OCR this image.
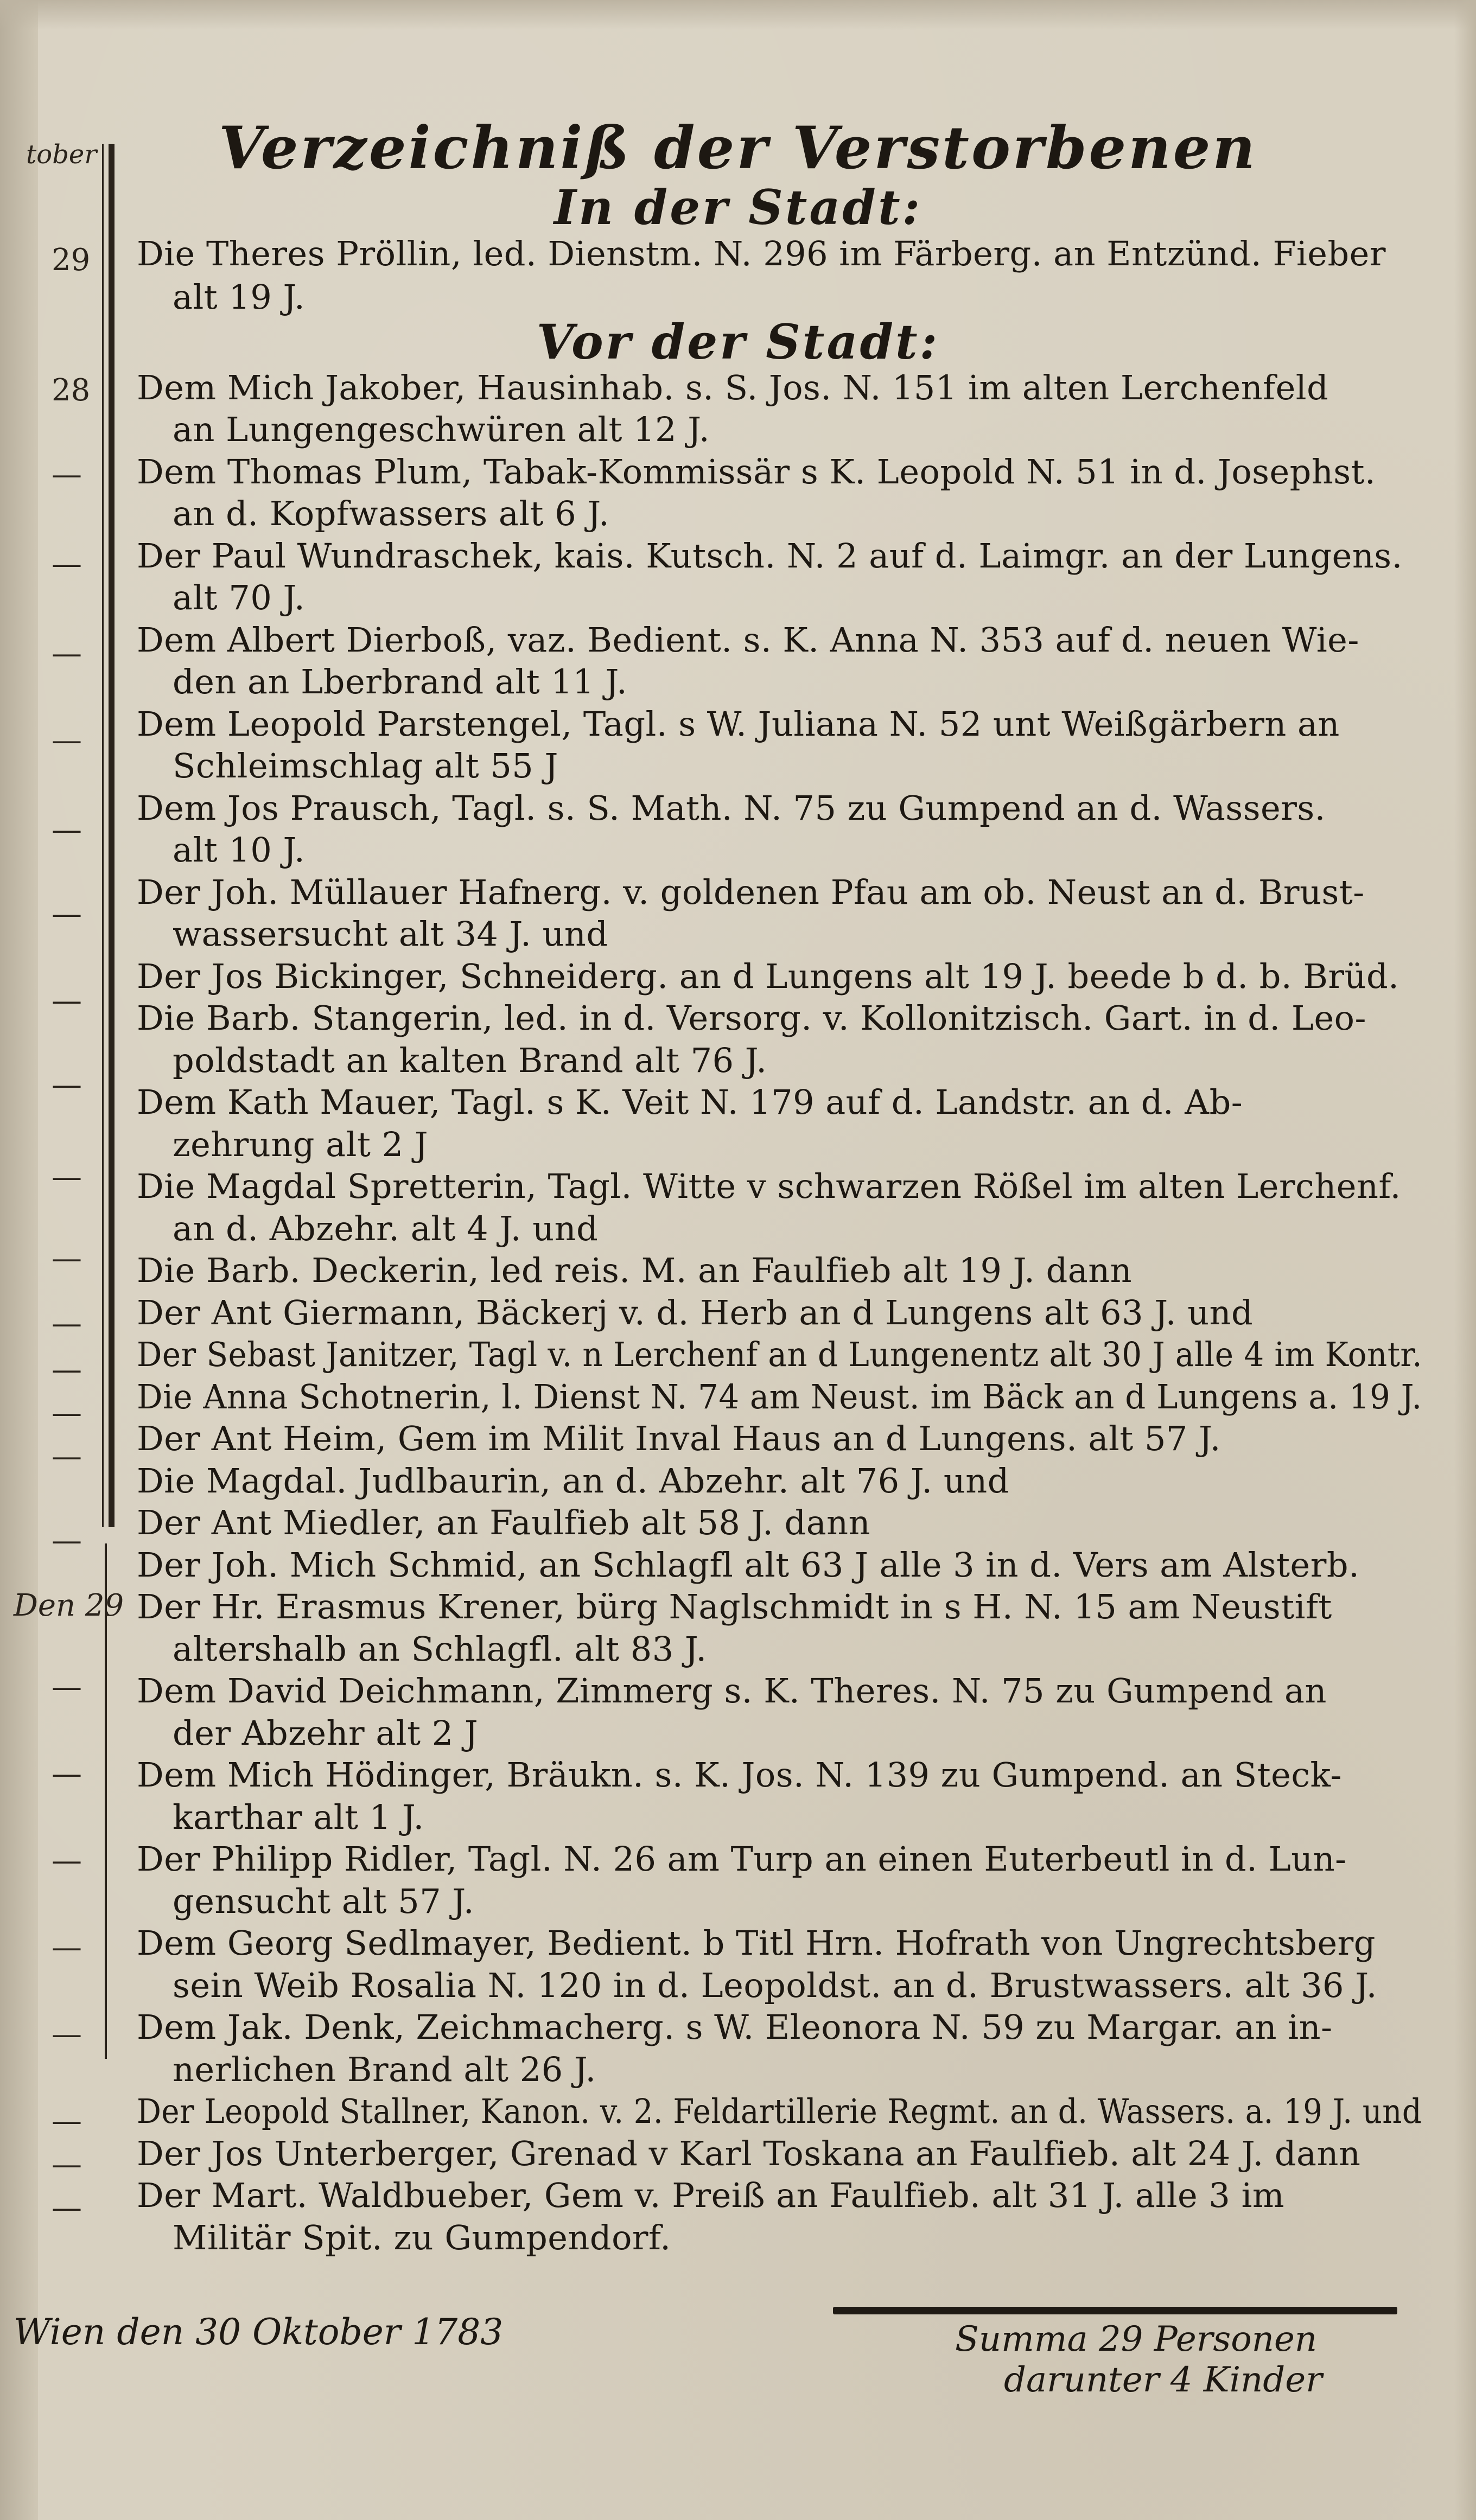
tober
29
28
—
—
—
—
—
—
—
—
—
—
—
—
—
—
—
Den 29
—
—
—
—
—
—
—
—
Verzeichniß der Verstorbenen
In der Stadt:
Vor der Stadt:
Die Theres Pröllin, led. Dienstm. N. 296 im Färberg. an Entzünd. Fieber
alt 19 J.
Dem Mich Jakober, Hausinhab. s. S. Jos. N. 151 im alten Lerchenfeld
an Lungengeschwüren alt 12 J.
Dem Thomas Plum, Tabak-Kommissär s K. Leopold N. 51 in d. Josephst.
an d. Kopfwassers alt 6 J.
Der Paul Wundraschek, kais. Kutsch. N. 2 auf d. Laimgr. an der Lungens.
alt 70 J.
Dem Albert Dierboß, vaz. Bedient. s. K. Anna N. 353 auf d. neuen Wie-
den an Lberbrand alt 11 J.
Dem Leopold Parstengel, Tagl. s W. Juliana N. 52 unt Weißgärbern an
Schleimschlag alt 55 J
Dem Jos Prausch, Tagl. s. S. Math. N. 75 zu Gumpend an d. Wassers.
alt 10 J.
Der Joh. Müllauer Hafnerg. v. goldenen Pfau am ob. Neust an d. Brust-
wassersucht alt 34 J. und
Der Jos Bickinger, Schneiderg. an d Lungens alt 19 J. beede b d. b. Brüd.
Die Barb. Stangerin, led. in d. Versorg. v. Kollonitzisch. Gart. in d. Leo-
poldstadt an kalten Brand alt 76 J.
Dem Kath Mauer, Tagl. s K. Veit N. 179 auf d. Landstr. an d. Ab-
zehrung alt 2 J
Die Magdal Spretterin, Tagl. Witte v schwarzen Rößel im alten Lerchenf.
an d. Abzehr. alt 4 J. und
Die Barb. Deckerin, led reis. M. an Faulfieb alt 19 J. dann
Der Ant Giermann, Bäckerj v. d. Herb an d Lungens alt 63 J. und
Der Sebast Janitzer, Tagl v. n Lerchenf an d Lungenentz alt 30 J alle 4 im Kontr.
Die Anna Schotnerin, l. Dienst N. 74 am Neust. im Bäck an d Lungens a. 19 J.
Der Ant Heim, Gem im Milit Inval Haus an d Lungens. alt 57 J.
Die Magdal. Judlbaurin, an d. Abzehr. alt 76 J. und
Der Ant Miedler, an Faulfieb alt 58 J. dann
Der Joh. Mich Schmid, an Schlagfl alt 63 J alle 3 in d. Vers am Alsterb.
Der Hr. Erasmus Krener, bürg Naglschmidt in s H. N. 15 am Neustift
altershalb an Schlagfl. alt 83 J.
Dem David Deichmann, Zimmerg s. K. Theres. N. 75 zu Gumpend an
der Abzehr alt 2 J
Dem Mich Hödinger, Bräukn. s. K. Jos. N. 139 zu Gumpend. an Steck-
karthar alt 1 J.
Der Philipp Ridler, Tagl. N. 26 am Turp an einen Euterbeutl in d. Lun-
gensucht alt 57 J.
Dem Georg Sedlmayer, Bedient. b Titl Hrn. Hofrath von Ungrechtsberg
sein Weib Rosalia N. 120 in d. Leopoldst. an d. Brustwassers. alt 36 J.
Dem Jak. Denk, Zeichmacherg. s W. Eleonora N. 59 zu Margar. an in-
nerlichen Brand alt 26 J.
Der Leopold Stallner, Kanon. v. 2. Feldartillerie Regmt. an d. Wassers. a. 19 J. und
Der Jos Unterberger, Grenad v Karl Toskana an Faulfieb. alt 24 J. dann
Der Mart. Waldbueber, Gem v. Preiß an Faulfieb. alt 31 J. alle 3 im
Militär Spit. zu Gumpendorf.
Wien den 30 Oktober 1783	Summa 29 Personen
darunter 4 Kinder
